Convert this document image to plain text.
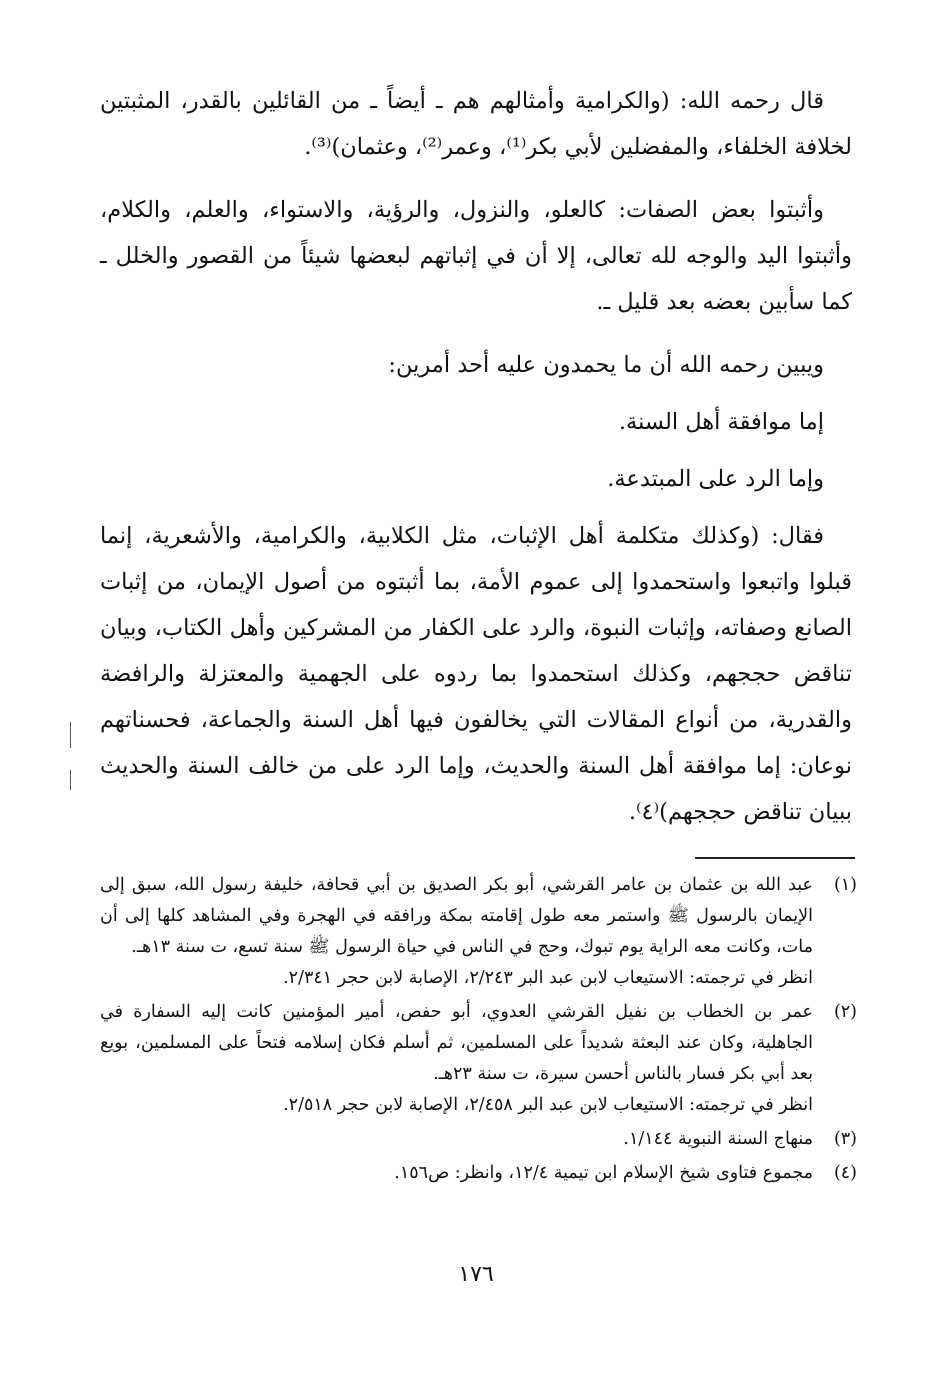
قال رحمه الله: (والكرامية وأمثالهم هم ـ أيضاً ـ من القائلين بالقدر، المثبتين لخلافة الخلفاء، والمفضلين لأبي بكر⁽¹⁾، وعمر⁽²⁾، وعثمان)⁽³⁾.

وأثبتوا بعض الصفات: كالعلو، والنزول، والرؤية، والاستواء، والعلم، والكلام، وأثبتوا اليد والوجه لله تعالى، إلا أن في إثباتهم لبعضها شيئاً من القصور والخلل ـ كما سأبين بعضه بعد قليل ـ.

ويبين رحمه الله أن ما يحمدون عليه أحد أمرين:

إما موافقة أهل السنة.

وإما الرد على المبتدعة.

فقال: (وكذلك متكلمة أهل الإثبات، مثل الكلابية، والكرامية، والأشعرية، إنما قبلوا واتبعوا واستحمدوا إلى عموم الأمة، بما أثبتوه من أصول الإيمان، من إثبات الصانع وصفاته، وإثبات النبوة، والرد على الكفار من المشركين وأهل الكتاب، وبيان تناقض حججهم، وكذلك استحمدوا بما ردوه على الجهمية والمعتزلة والرافضة والقدرية، من أنواع المقالات التي يخالفون فيها أهل السنة والجماعة، فحسناتهم نوعان: إما موافقة أهل السنة والحديث، وإما الرد على من خالف السنة والحديث ببيان تناقض حججهم)⁽٤⁾.

(١)
عبد الله بن عثمان بن عامر القرشي، أبو بكر الصديق بن أبي قحافة، خليفة رسول الله، سبق إلى الإيمان بالرسول ﷺ واستمر معه طول إقامته بمكة ورافقه في الهجرة وفي المشاهد كلها إلى أن مات، وكانت معه الراية يوم تبوك، وحج في الناس في حياة الرسول ﷺ سنة تسع، ت سنة ١٣هـ.
انظر في ترجمته: الاستيعاب لابن عبد البر ٢/٢٤٣، الإصابة لابن حجر ٢/٣٤١.
(٢)
عمر بن الخطاب بن نفيل القرشي العدوي، أبو حفص، أمير المؤمنين كانت إليه السفارة في الجاهلية، وكان عند البعثة شديداً على المسلمين، ثم أسلم فكان إسلامه فتحاً على المسلمين، بويع بعد أبي بكر فسار بالناس أحسن سيرة، ت سنة ٢٣هـ.
انظر في ترجمته: الاستيعاب لابن عبد البر ٢/٤٥٨، الإصابة لابن حجر ٢/٥١٨.
(٣)
منهاج السنة النبوية ١/١٤٤.
(٤)
مجموع فتاوى شيخ الإسلام ابن تيمية ١٢/٤، وانظر: ص١٥٦.
١٧٦
